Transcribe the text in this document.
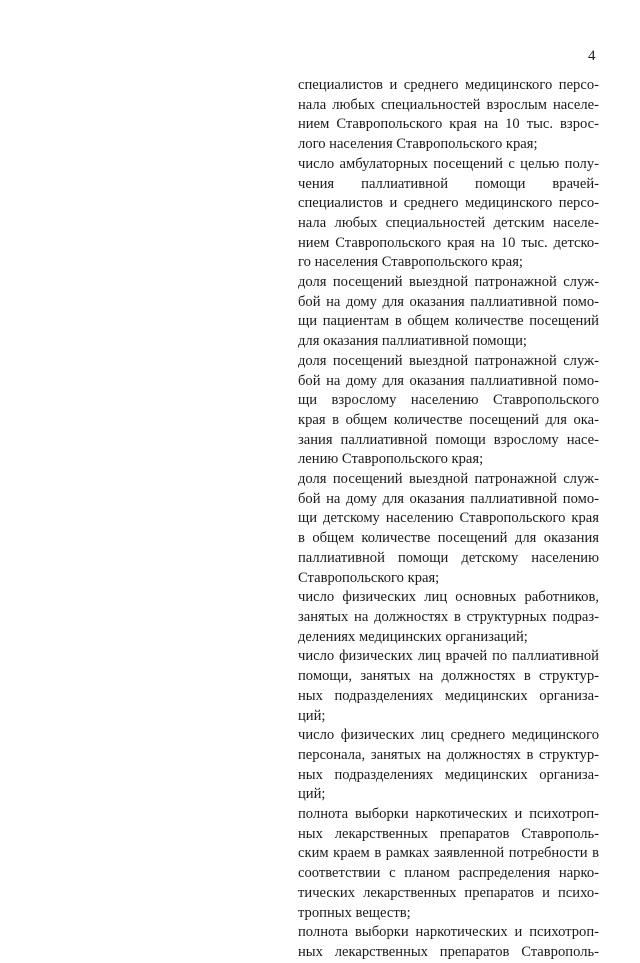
4
специалистов и среднего медицинского персо-
нала любых специальностей взрослым населе-
нием Ставропольского края на 10 тыс. взрос-
лого населения Ставропольского края;
число амбулаторных посещений с целью полу-
чения паллиативной помощи врачей-
специалистов и среднего медицинского персо-
нала любых специальностей детским населе-
нием Ставропольского края на 10 тыс. детско-
го населения Ставропольского края;
доля посещений выездной патронажной служ-
бой на дому для оказания паллиативной помо-
щи пациентам в общем количестве посещений
для оказания паллиативной помощи;
доля посещений выездной патронажной служ-
бой на дому для оказания паллиативной помо-
щи взрослому населению Ставропольского
края в общем количестве посещений для ока-
зания паллиативной помощи взрослому насе-
лению Ставропольского края;
доля посещений выездной патронажной служ-
бой на дому для оказания паллиативной помо-
щи детскому населению Ставропольского края
в общем количестве посещений для оказания
паллиативной помощи детскому населению
Ставропольского края;
число физических лиц основных работников,
занятых на должностях в структурных подраз-
делениях медицинских организаций;
число физических лиц врачей по паллиативной
помощи, занятых на должностях в структур-
ных подразделениях медицинских организа-
ций;
число физических лиц среднего медицинского
персонала, занятых на должностях в структур-
ных подразделениях медицинских организа-
ций;
полнота выборки наркотических и психотроп-
ных лекарственных препаратов Ставрополь-
ским краем в рамках заявленной потребности в
соответствии с планом распределения нарко-
тических лекарственных препаратов и психо-
тропных веществ;
полнота выборки наркотических и психотроп-
ных лекарственных препаратов Ставрополь-
